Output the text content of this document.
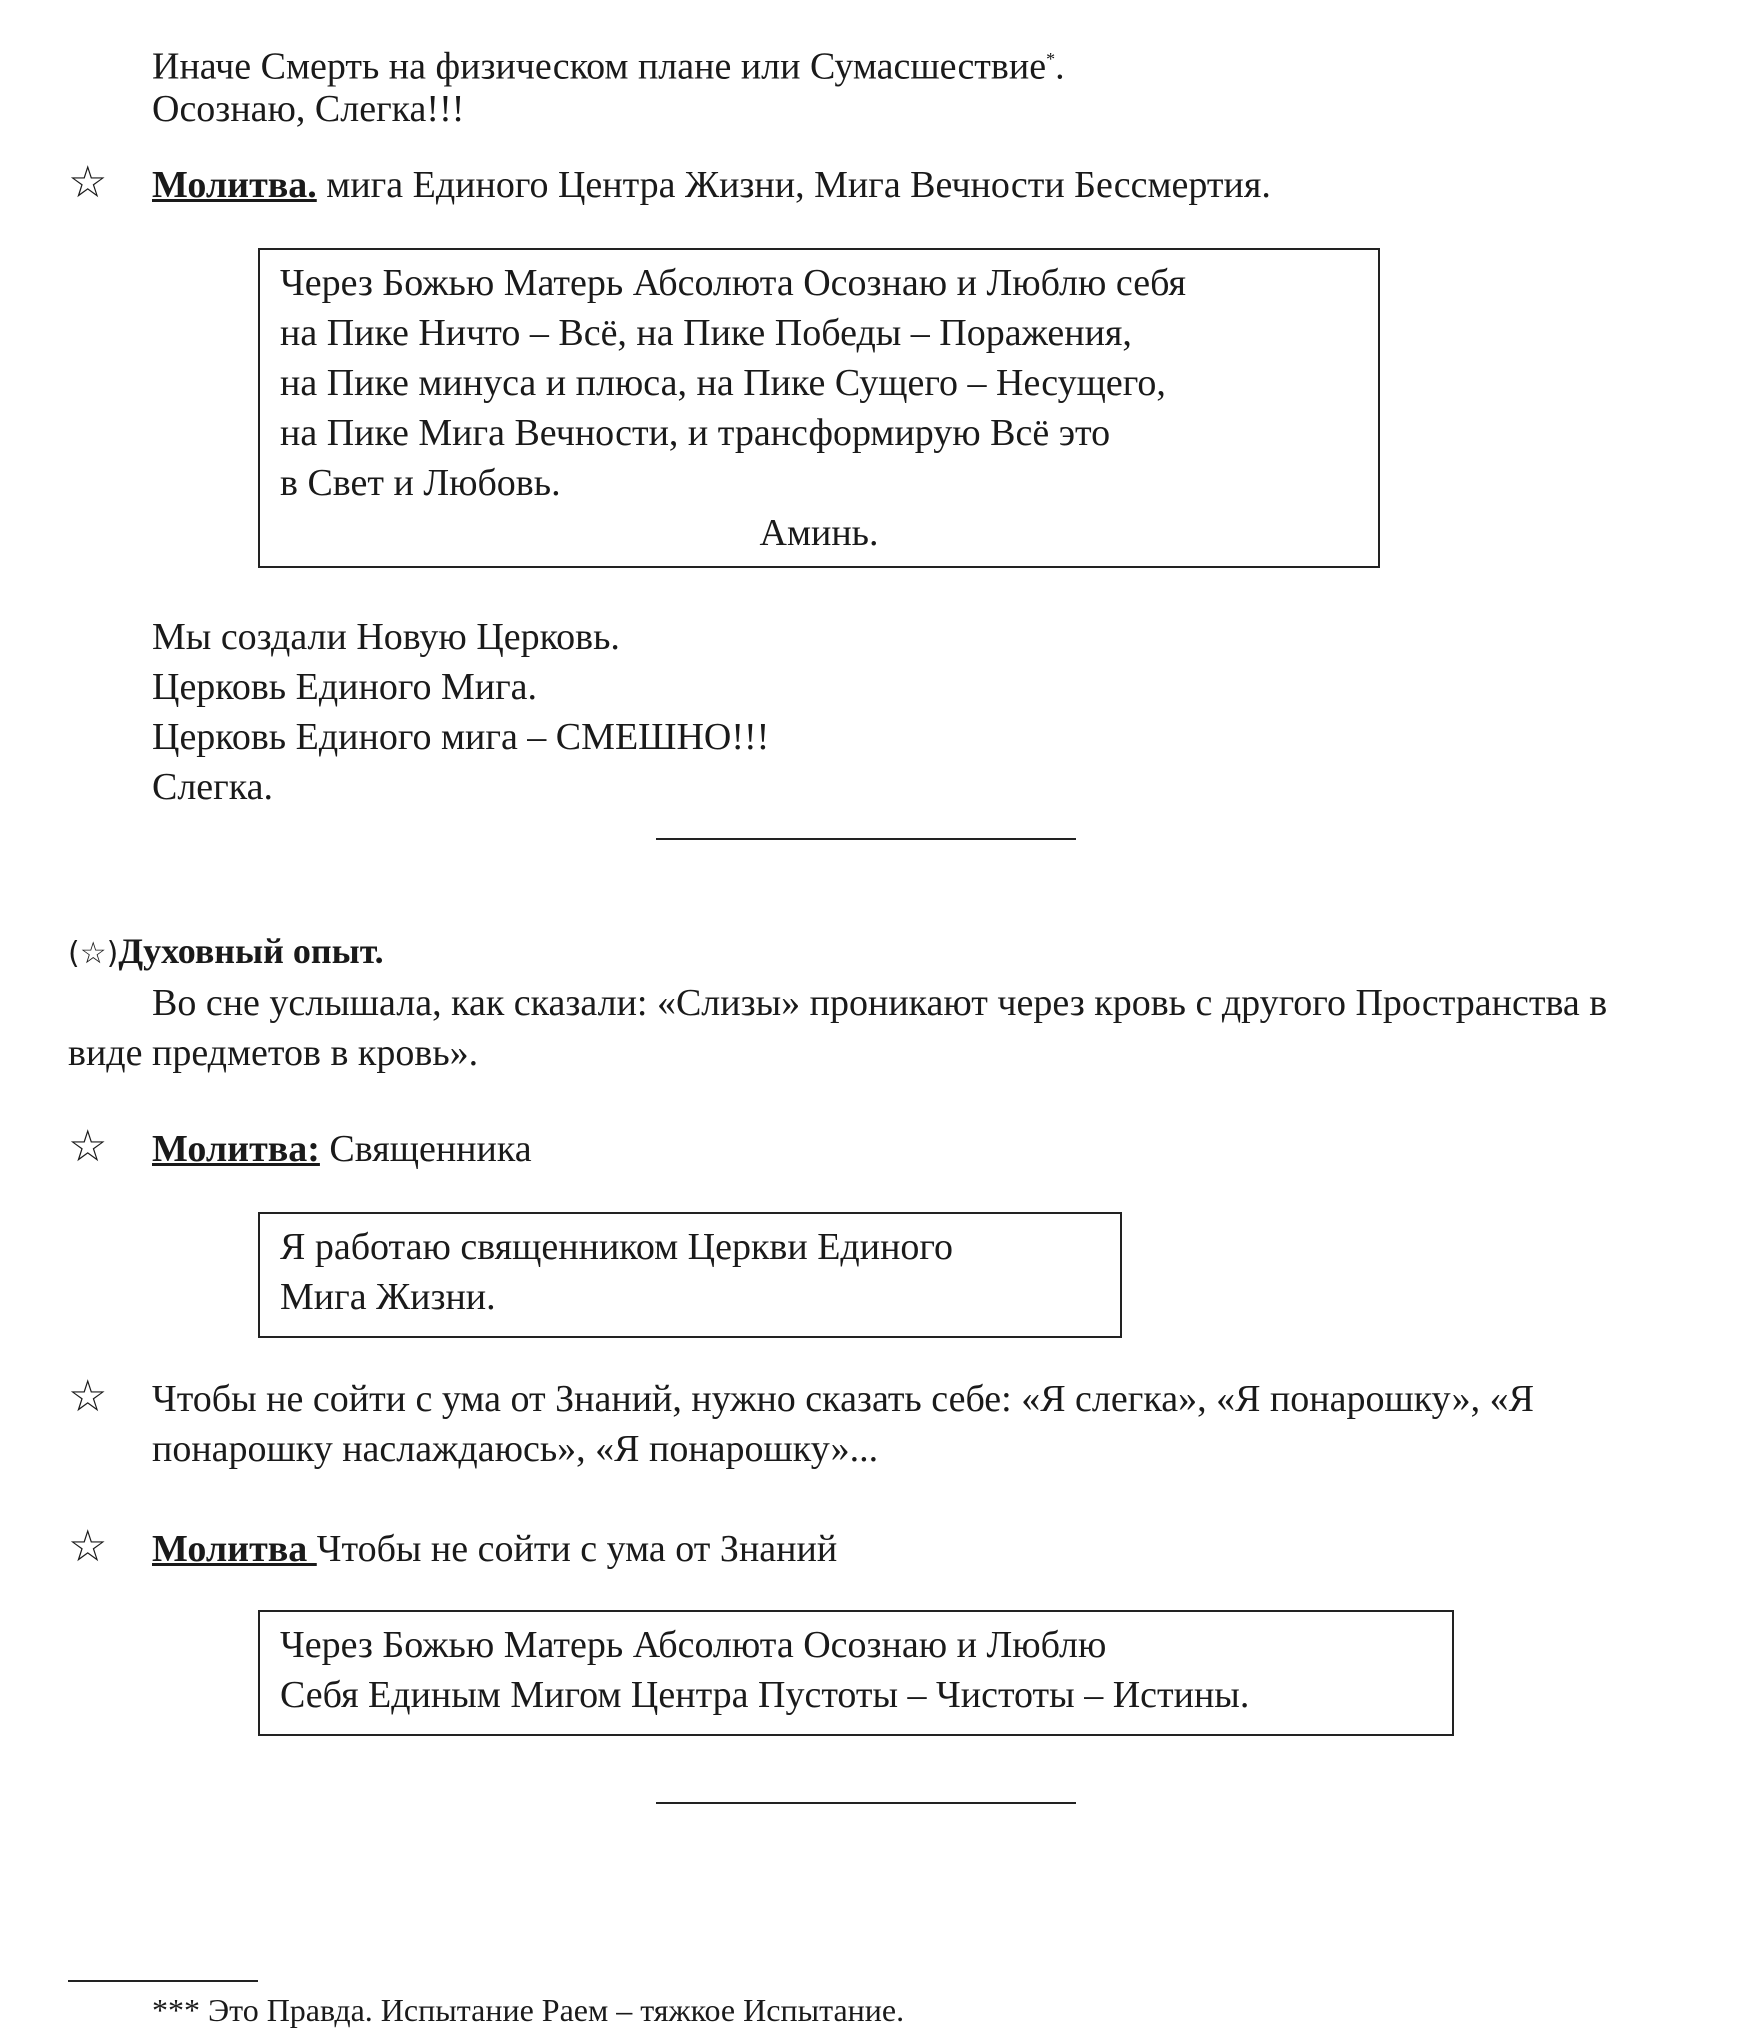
Иначе Смерть на физическом плане или Сумасшествие*.
Осознаю, Слегка!!!
☆ Молитва. мига Единого Центра Жизни, Мига Вечности Бессмертия.
Через Божью Матерь Абсолюта Осознаю и Люблю себя
на Пике Ничто – Всё, на Пике Победы – Поражения,
на Пике минуса и плюса, на Пике Сущего – Несущего,
на Пике Мига Вечности, и трансформирую Всё это
в Свет и Любовь.
Аминь.
Мы создали Новую Церковь.
Церковь Единого Мига.
Церковь Единого мига – СМЕШНО!!!
Слегка.
(☆)Духовный опыт.
Во сне услышала, как сказали: «Слизы» проникают через кровь с другого Пространства в виде предметов в кровь».
☆ Молитва: Священника
Я работаю священником Церкви Единого
Мига Жизни.
☆ Чтобы не сойти с ума от Знаний, нужно сказать себе: «Я слегка», «Я понарошку», «Я понарошку наслаждаюсь», «Я понарошку»...
☆ Молитва Чтобы не сойти с ума от Знаний
Через Божью Матерь Абсолюта Осознаю и Люблю
Себя Единым Мигом Центра Пустоты – Чистоты – Истины.
*** Это Правда. Испытание Раем – тяжкое Испытание.
